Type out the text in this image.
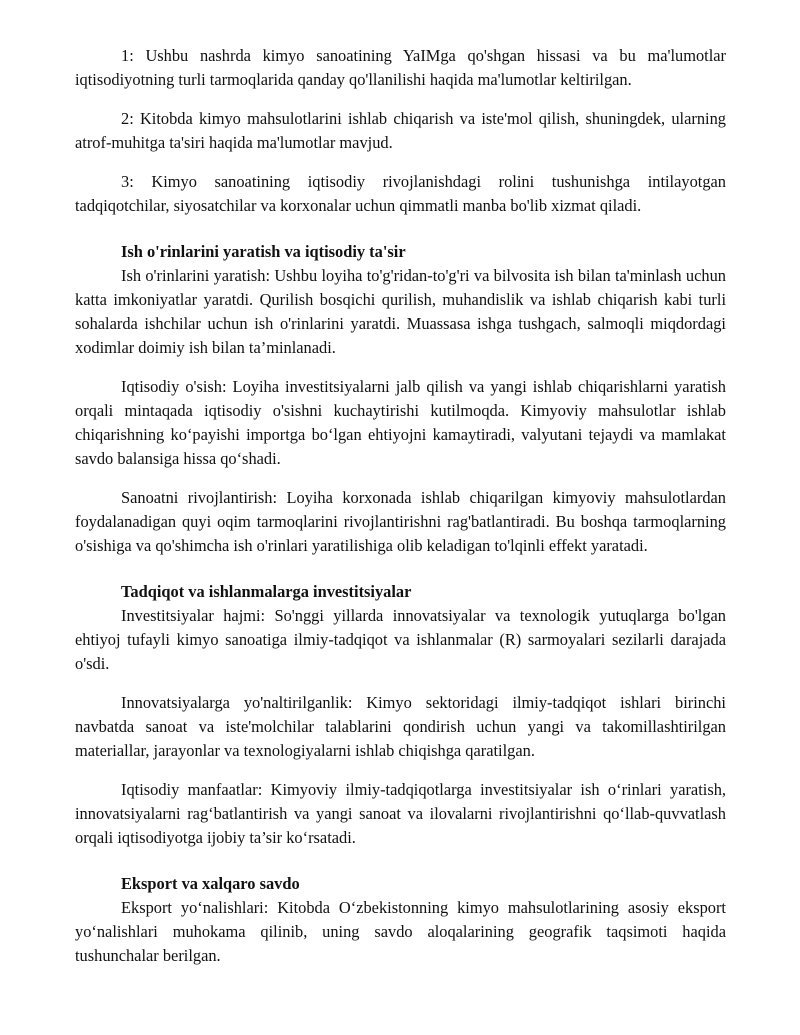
1: Ushbu nashrda kimyo sanoatining YaIMga qo'shgan hissasi va bu ma'lumotlar iqtisodiyotning turli tarmoqlarida qanday qo'llanilishi haqida ma'lumotlar keltirilgan.

2: Kitobda kimyo mahsulotlarini ishlab chiqarish va iste'mol qilish, shuningdek, ularning atrof-muhitga ta'siri haqida ma'lumotlar mavjud.

3: Kimyo sanoatining iqtisodiy rivojlanishdagi rolini tushunishga intilayotgan tadqiqotchilar, siyosatchilar va korxonalar uchun qimmatli manba bo'lib xizmat qiladi.

Ish o'rinlarini yaratish va iqtisodiy ta'sir

Ish o'rinlarini yaratish: Ushbu loyiha to'g'ridan-to'g'ri va bilvosita ish bilan ta'minlash uchun katta imkoniyatlar yaratdi. Qurilish bosqichi qurilish, muhandislik va ishlab chiqarish kabi turli sohalarda ishchilar uchun ish o'rinlarini yaratdi. Muassasa ishga tushgach, salmoqli miqdordagi xodimlar doimiy ish bilan ta’minlanadi.

Iqtisodiy o'sish: Loyiha investitsiyalarni jalb qilish va yangi ishlab chiqarishlarni yaratish orqali mintaqada iqtisodiy o'sishni kuchaytirishi kutilmoqda. Kimyoviy mahsulotlar ishlab chiqarishning ko‘payishi importga bo‘lgan ehtiyojni kamaytiradi, valyutani tejaydi va mamlakat savdo balansiga hissa qo‘shadi.

Sanoatni rivojlantirish: Loyiha korxonada ishlab chiqarilgan kimyoviy mahsulotlardan foydalanadigan quyi oqim tarmoqlarini rivojlantirishni rag'batlantiradi. Bu boshqa tarmoqlarning o'sishiga va qo'shimcha ish o'rinlari yaratilishiga olib keladigan to'lqinli effekt yaratadi.

Tadqiqot va ishlanmalarga investitsiyalar

Investitsiyalar hajmi: So'nggi yillarda innovatsiyalar va texnologik yutuqlarga bo'lgan ehtiyoj tufayli kimyo sanoatiga ilmiy-tadqiqot va ishlanmalar (R) sarmoyalari sezilarli darajada o'sdi.

Innovatsiyalarga yo'naltirilganlik: Kimyo sektoridagi ilmiy-tadqiqot ishlari birinchi navbatda sanoat va iste'molchilar talablarini qondirish uchun yangi va takomillashtirilgan materiallar, jarayonlar va texnologiyalarni ishlab chiqishga qaratilgan.

Iqtisodiy manfaatlar: Kimyoviy ilmiy-tadqiqotlarga investitsiyalar ish o‘rinlari yaratish, innovatsiyalarni rag‘batlantirish va yangi sanoat va ilovalarni rivojlantirishni qo‘llab-quvvatlash orqali iqtisodiyotga ijobiy ta’sir ko‘rsatadi.

Eksport va xalqaro savdo

Eksport yo‘nalishlari: Kitobda O‘zbekistonning kimyo mahsulotlarining asosiy eksport yo‘nalishlari muhokama qilinib, uning savdo aloqalarining geografik taqsimoti haqida tushunchalar berilgan.
